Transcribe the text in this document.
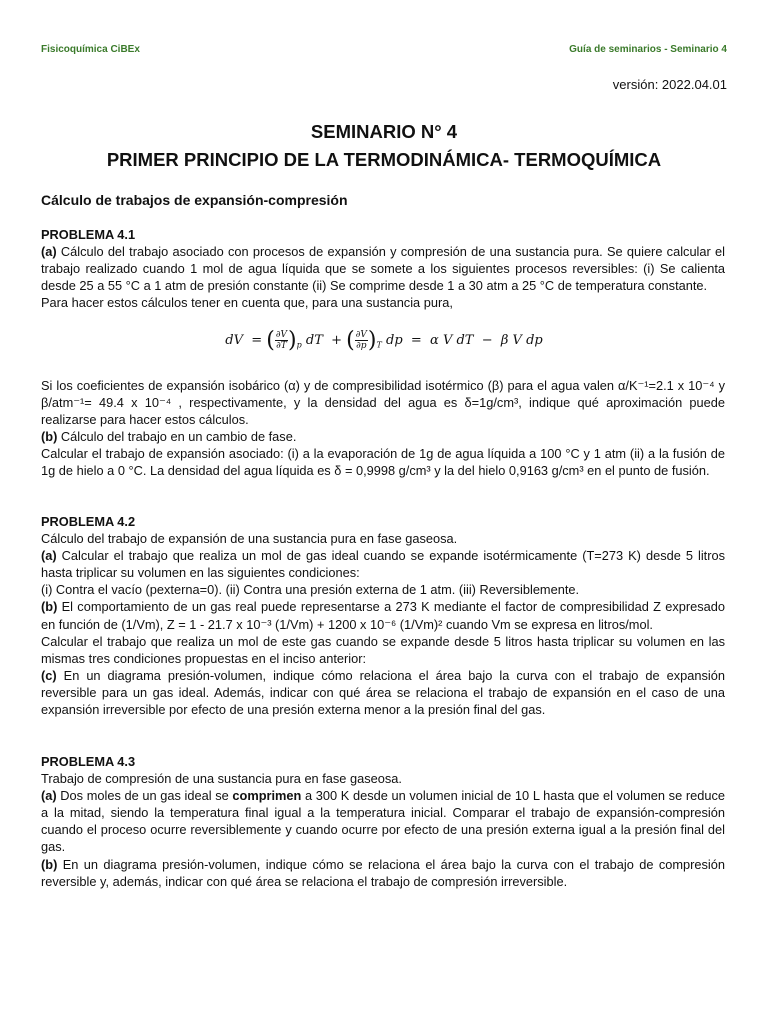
Fisicoquímica CiBEx	Guía de seminarios - Seminario 4
versión: 2022.04.01
SEMINARIO N° 4
PRIMER PRINCIPIO DE LA TERMODINÁMICA- TERMOQUÍMICA
Cálculo de trabajos de expansión-compresión

PROBLEMA 4.1

(a) Cálculo del trabajo asociado con procesos de expansión y compresión de una sustancia pura. Se quiere calcular el trabajo realizado cuando 1 mol de agua líquida que se somete a los siguientes procesos reversibles: (i) Se calienta desde 25 a 55 °C a 1 atm de presión constante (ii) Se comprime desde 1 a 30 atm a 25 °C de temperatura constante.

Para hacer estos cálculos tener en cuenta que, para una sustancia pura,

dV  = ( $\frac{\partial V}{\partial T} )_p$ dT  + ( $\frac{\partial V}{\partial p} )_T$ dp  =  α V dT  −  β V dp

Si los coeficientes de expansión isobárico (α) y de compresibilidad isotérmico (β) para el agua valen α/K⁻¹=2.1 x 10⁻⁴ y β/atm⁻¹= 49.4 x 10⁻⁴ , respectivamente, y la densidad del agua es δ=1g/cm³, indique qué aproximación puede realizarse para hacer estos cálculos.

(b) Cálculo del trabajo en un cambio de fase.

Calcular el trabajo de expansión asociado: (i) a la evaporación de 1g de agua líquida a 100 °C y 1 atm (ii) a la fusión de 1g de hielo a 0 °C. La densidad del agua líquida es δ = 0,9998 g/cm³ y la del hielo 0,9163 g/cm³ en el punto de fusión.

PROBLEMA 4.2

Cálculo del trabajo de expansión de una sustancia pura en fase gaseosa.

(a) Calcular el trabajo que realiza un mol de gas ideal cuando se expande isotérmicamente (T=273 K) desde 5 litros hasta triplicar su volumen en las siguientes condiciones:

(i) Contra el vacío (pexterna=0). (ii) Contra una presión externa de 1 atm. (iii) Reversiblemente.

(b) El comportamiento de un gas real puede representarse a 273 K mediante el factor de compresibilidad Z expresado en función de (1/Vm), Z = 1 - 21.7 x 10⁻³ (1/Vm) + 1200 x 10⁻⁶ (1/Vm)² cuando Vm se expresa en litros/mol.

Calcular el trabajo que realiza un mol de este gas cuando se expande desde 5 litros hasta triplicar su volumen en las mismas tres condiciones propuestas en el inciso anterior:

(c) En un diagrama presión-volumen, indique cómo relaciona el área bajo la curva con el trabajo de expansión reversible para un gas ideal. Además, indicar con qué área se relaciona el trabajo de expansión en el caso de una expansión irreversible por efecto de una presión externa menor a la presión final del gas.

PROBLEMA 4.3

Trabajo de compresión de una sustancia pura en fase gaseosa.

(a) Dos moles de un gas ideal se comprimen a 300 K desde un volumen inicial de 10 L hasta que el volumen se reduce a la mitad, siendo la temperatura final igual a la temperatura inicial. Comparar el trabajo de expansión-compresión cuando el proceso ocurre reversiblemente y cuando ocurre por efecto de una presión externa igual a la presión final del gas.

(b) En un diagrama presión-volumen, indique cómo se relaciona el área bajo la curva con el trabajo de compresión reversible y, además, indicar con qué área se relaciona el trabajo de compresión irreversible.
